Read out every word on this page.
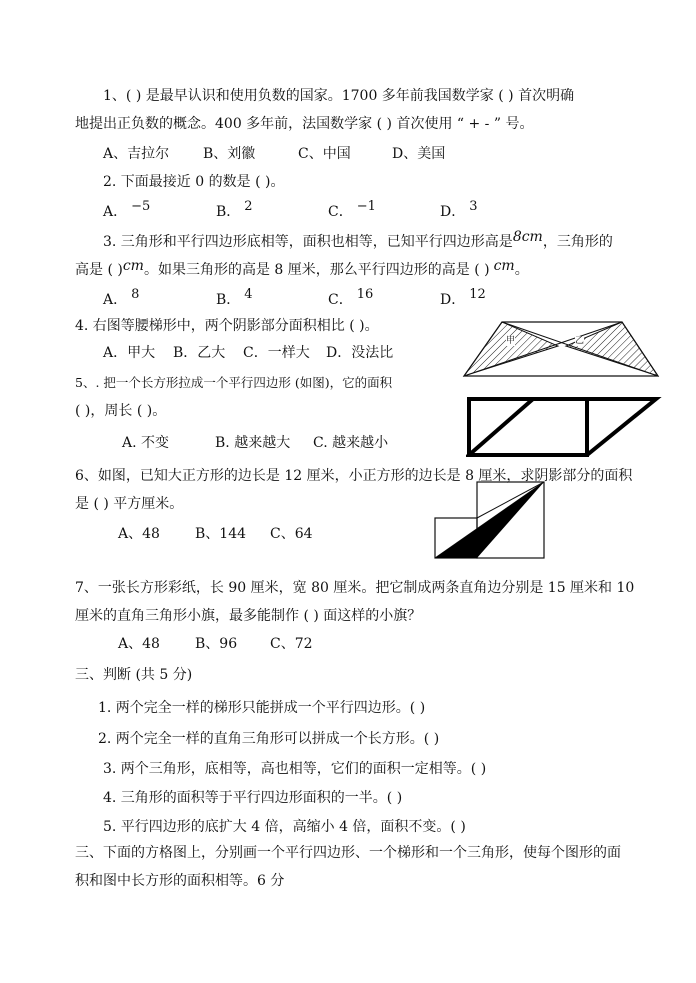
1、( ) 是最早认识和使用负数的国家。1700 多年前我国数学家 ( ) 首次明确
地提出正负数的概念。400 多年前，法国数学家 ( ) 首次使用 “ + - ” 号。
A、吉拉尔 B、刘徽	C、中国	D、美国
2. 下面最接近 0 的数是 ( )。
A． −5	B． 2	C． −1	D． 3
3. 三角形和平行四边形底相等，面积也相等，已知平行四边形高是8cm，三角形的
高是 ( )cm。如果三角形的高是 8 厘米，那么平行四边形的高是 ( ) cm。
A． 8	B． 4	C． 16	D． 12
4. 右图等腰梯形中，两个阴影部分面积相比 ( )。
A．甲大 B．乙大 C．一样大 D．没法比
甲	乙
5、. 把一个长方形拉成一个平行四边形 (如图)，它的面积
( )，周长 ( )。
A. 不变	B. 越来越大 C. 越来越小
6、如图，已知大正方形的边长是 12 厘米，小正方形的边长是 8 厘米，求阴影部分的面积
是 ( ) 平方厘米。
A、48	B、144 C、64
7、一张长方形彩纸，长 90 厘米，宽 80 厘米。把它制成两条直角边分别是 15 厘米和 10
厘米的直角三角形小旗，最多能制作 ( ) 面这样的小旗？
A、48	B、96 C、72
三、判断 (共 5 分)
1. 两个完全一样的梯形只能拼成一个平行四边形。( )
2. 两个完全一样的直角三角形可以拼成一个长方形。( )
3. 两个三角形，底相等，高也相等，它们的面积一定相等。( )
4. 三角形的面积等于平行四边形面积的一半。( )
5. 平行四边形的底扩大 4 倍，高缩小 4 倍，面积不变。( )
三、下面的方格图上，分别画一个平行四边形、一个梯形和一个三角形，使每个图形的面
积和图中长方形的面积相等。6 分
